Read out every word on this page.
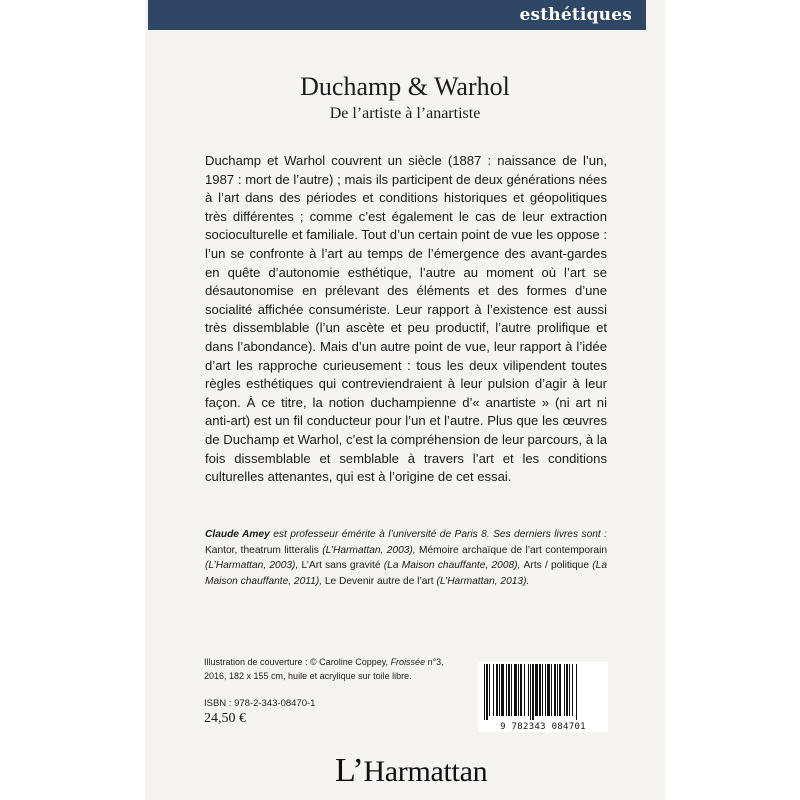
esthétiques
Duchamp & Warhol
De l’artiste à l’anartiste

Duchamp et Warhol couvrent un siècle (1887 : naissance de l’un, 1987 : mort de l’autre) ; mais ils participent de deux générations nées à l’art dans des périodes et conditions historiques et géopolitiques très différentes ; comme c’est également le cas de leur extraction socioculturelle et familiale. Tout d’un certain point de vue les oppose : l’un se confronte à l’art au temps de l’émergence des avant-gardes en quête d’autonomie esthétique, l’autre au moment où l’art se désautonomise en prélevant des éléments et des formes d’une socialité affichée consumériste. Leur rapport à l’existence est aussi très dissemblable (l’un ascète et peu productif, l’autre prolifique et dans l’abondance). Mais d’un autre point de vue, leur rapport à l’idée d’art les rapproche curieusement : tous les deux vilipendent toutes règles esthétiques qui contreviendraient à leur pulsion d’agir à leur façon. À ce titre, la notion duchampienne d’« anartiste » (ni art ni anti-art) est un fil conducteur pour l’un et l’autre. Plus que les œuvres de Duchamp et Warhol, c’est la compréhension de leur parcours, à la fois dissemblable et semblable à travers l’art et les conditions culturelles attenantes, qui est à l’origine de cet essai.

Claude Amey est professeur émérite à l’université de Paris 8. Ses derniers livres sont : Kantor, theatrum litteralis (L’Harmattan, 2003), Mémoire archaïque de l’art contemporain (L’Harmattan, 2003), L’Art sans gravité (La Maison chauffante, 2008), Arts / politique (La Maison chauffante, 2011), Le Devenir autre de l’art (L’Harmattan, 2013).

Illustration de couverture : © Caroline Coppey, Froissée n°3, 2016, 182 x 155 cm, huile et acrylique sur toile libre.

ISBN : 978-2-343-08470-1
24,50 €
9 782343 084701
L’Harmattan
